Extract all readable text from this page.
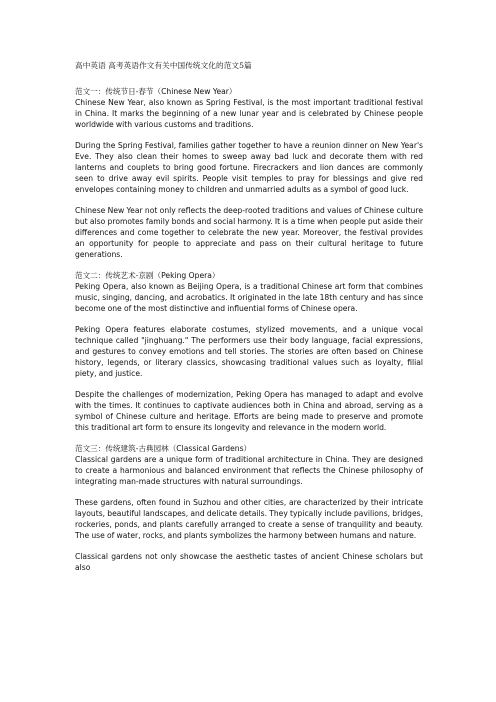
高中英语 高考英语作文有关中国传统文化的范文5篇

范文一：传统节日-春节（Chinese New Year）

Chinese New Year, also known as Spring Festival, is the most important traditional festival in China. It marks the beginning of a new lunar year and is celebrated by Chinese people worldwide with various customs and traditions.

During the Spring Festival, families gather together to have a reunion dinner on New Year's Eve. They also clean their homes to sweep away bad luck and decorate them with red lanterns and couplets to bring good fortune. Firecrackers and lion dances are commonly seen to drive away evil spirits. People visit temples to pray for blessings and give red envelopes containing money to children and unmarried adults as a symbol of good luck.

Chinese New Year not only reflects the deep-rooted traditions and values of Chinese culture but also promotes family bonds and social harmony. It is a time when people put aside their differences and come together to celebrate the new year. Moreover, the festival provides an opportunity for people to appreciate and pass on their cultural heritage to future generations.

范文二：传统艺术-京剧（Peking Opera）

Peking Opera, also known as Beijing Opera, is a traditional Chinese art form that combines music, singing, dancing, and acrobatics. It originated in the late 18th century and has since become one of the most distinctive and influential forms of Chinese opera.

Peking Opera features elaborate costumes, stylized movements, and a unique vocal technique called "jinghuang." The performers use their body language, facial expressions, and gestures to convey emotions and tell stories. The stories are often based on Chinese history, legends, or literary classics, showcasing traditional values such as loyalty, filial piety, and justice.

Despite the challenges of modernization, Peking Opera has managed to adapt and evolve with the times. It continues to captivate audiences both in China and abroad, serving as a symbol of Chinese culture and heritage. Efforts are being made to preserve and promote this traditional art form to ensure its longevity and relevance in the modern world.

范文三：传统建筑-古典园林（Classical Gardens）

Classical gardens are a unique form of traditional architecture in China. They are designed to create a harmonious and balanced environment that reflects the Chinese philosophy of integrating man-made structures with natural surroundings.

These gardens, often found in Suzhou and other cities, are characterized by their intricate layouts, beautiful landscapes, and delicate details. They typically include pavilions, bridges, rockeries, ponds, and plants carefully arranged to create a sense of tranquility and beauty. The use of water, rocks, and plants symbolizes the harmony between humans and nature.

Classical gardens not only showcase the aesthetic tastes of ancient Chinese scholars but also
